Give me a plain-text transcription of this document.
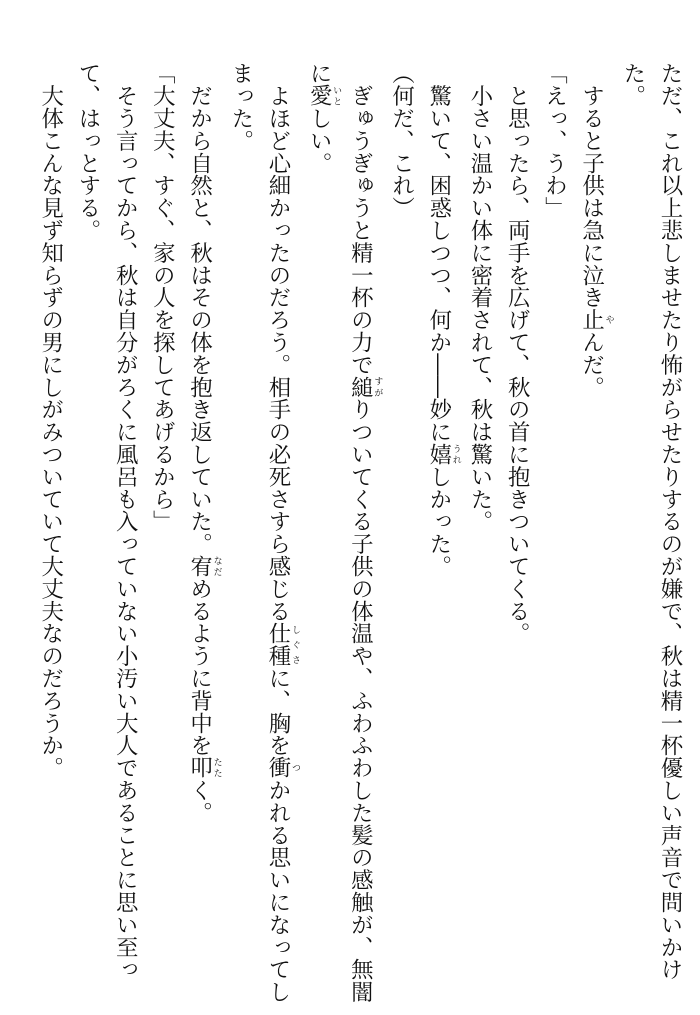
ただ、これ以上悲しませたり怖がらせたりするのが嫌で、秋は精一杯優しい声音で問いかけ
た。
　すると子供は急に泣き止 やんだ。
「えっ、うわ」
　と思ったら、両手を広げて、秋の首に抱きついてくる。
　小さい温かい体に密着されて、秋は驚いた。
　驚いて、困惑しつつ、何か――妙に嬉 うれしかった。
（何だ、これ）
　ぎゅうぎゅうと精一杯の力で縋 すがりついてくる子供の体温や、ふわふわした髪の感触が、無闇
に愛 いとしい。
　よほど心細かったのだろう。相手の必死さすら感じる仕種 しぐさに、胸を衝 つかれる思いになってし
まった。
　だから自然と、秋はその体を抱き返していた。宥 なだめるように背中を叩 たたく。
「大丈夫、すぐ、家の人を探してあげるから」
　そう言ってから、秋は自分がろくに風呂も入っていない小汚い大人であることに思い至っ
て、はっとする。
　大体こんな見ず知らずの男にしがみついていて大丈夫なのだろうか。
